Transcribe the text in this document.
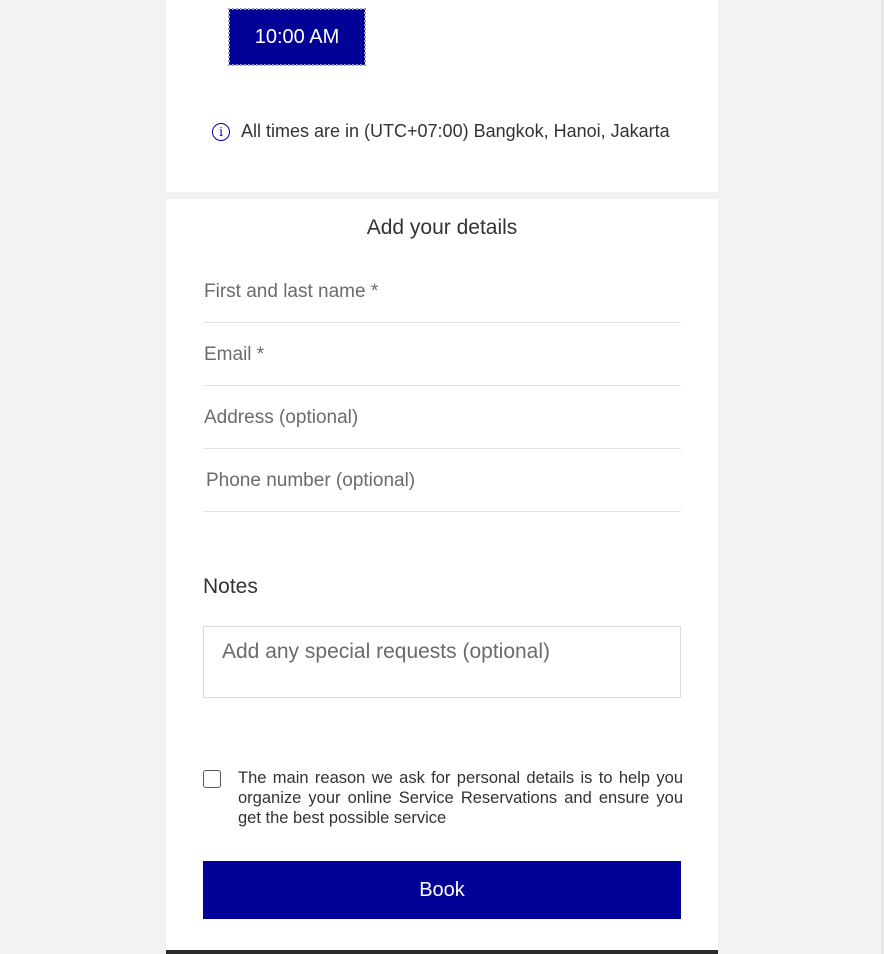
10:00 AM
i	All times are in (UTC+07:00) Bangkok, Hanoi, Jakarta
Add your details
First and last name *
Email *
Address (optional)
Phone number (optional)
Notes
Add any special requests (optional)
The main reason we ask for personal details is to help you organize your online Service Reservations and ensure you get the best possible service
Book
